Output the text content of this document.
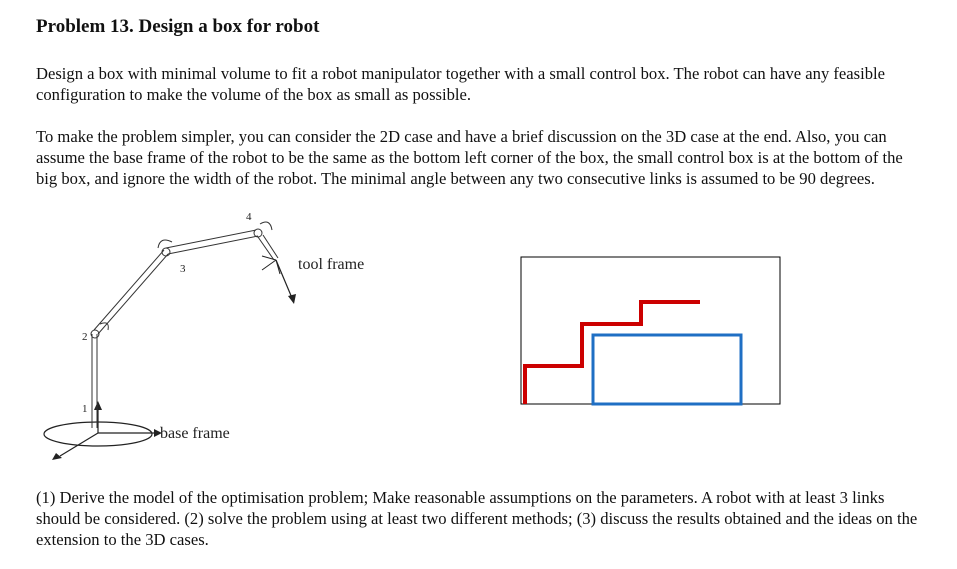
Problem 13. Design a box for robot

Design a box with minimal volume to fit a robot manipulator together with a small control box. The robot can have any feasible configuration to make the volume of the box as small as possible.

To make the problem simpler, you can consider the 2D case and have a brief discussion on the 3D case at the end. Also, you can assume the base frame of the robot to be the same as the bottom left corner of the box, the small control box is at the bottom of the big box, and ignore the width of the robot. The minimal angle between any two consecutive links is assumed to be 90 degrees.

1
2
3
4
tool frame
base frame

(1) Derive the model of the optimisation problem; Make reasonable assumptions on the parameters. A robot with at least 3 links should be considered. (2) solve the problem using at least two different methods; (3) discuss the results obtained and the ideas on the extension to the 3D cases.
